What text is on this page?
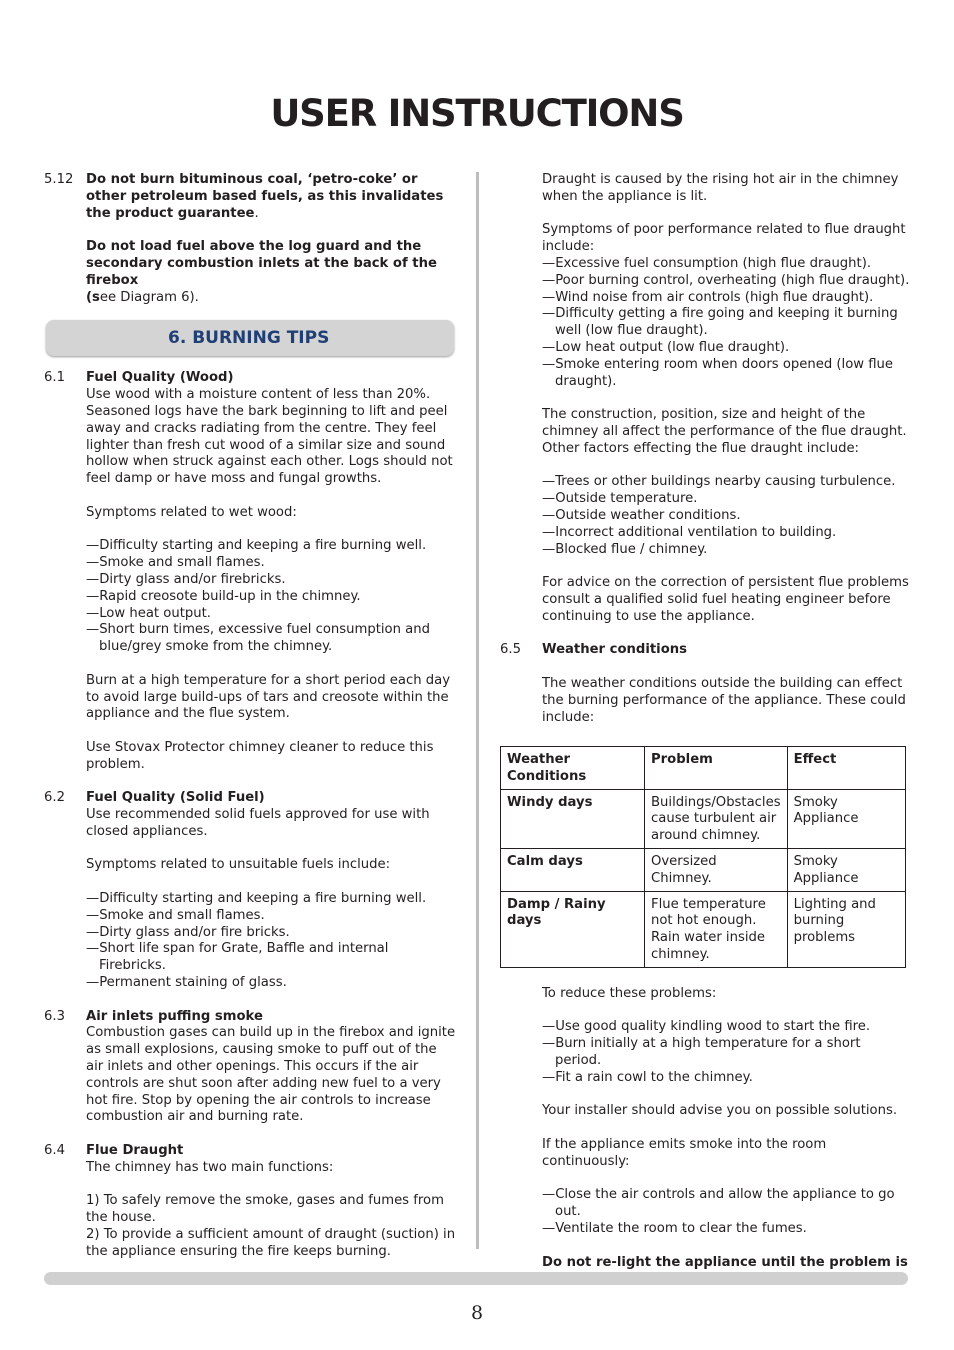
USER INSTRUCTIONS
5.12 Do not burn bituminous coal, ‘petro-coke’ or other petroleum based fuels, as this invalidates the product guarantee.

Do not load fuel above the log guard and the secondary combustion inlets at the back of the firebox
(see Diagram 6).

6. BURNING TIPS
6.1	Fuel Quality (Wood)

Use wood with a moisture content of less than 20%. Seasoned logs have the bark beginning to lift and peel away and cracks radiating from the centre. They feel lighter than fresh cut wood of a similar size and sound hollow when struck against each other. Logs should not feel damp or have moss and fungal growths.

Symptoms related to wet wood:

—Difficulty starting and keeping a fire burning well.

—Smoke and small flames.

—Dirty glass and/or firebricks.

—Rapid creosote build-up in the chimney.

—Low heat output.

—Short burn times, excessive fuel consumption and blue/grey smoke from the chimney.

Burn at a high temperature for a short period each day to avoid large build-ups of tars and creosote within the appliance and the flue system.

Use Stovax Protector chimney cleaner to reduce this problem.

6.2	Fuel Quality (Solid Fuel)

Use recommended solid fuels approved for use with closed appliances.

Symptoms related to unsuitable fuels include:

—Difficulty starting and keeping a fire burning well.

—Smoke and small flames.

—Dirty glass and/or fire bricks.

—Short life span for Grate, Baffle and internal Firebricks.

—Permanent staining of glass.

6.3	Air inlets puffing smoke

Combustion gases can build up in the firebox and ignite as small explosions, causing smoke to puff out of the air inlets and other openings. This occurs if the air controls are shut soon after adding new fuel to a very hot fire. Stop by opening the air controls to increase combustion air and burning rate.

6.4	Flue Draught

The chimney has two main functions:

1) To safely remove the smoke, gases and fumes from the house.

2) To provide a sufficient amount of draught (suction) in the appliance ensuring the fire keeps burning.

Draught is caused by the rising hot air in the chimney when the appliance is lit.

Symptoms of poor performance related to flue draught include:

—Excessive fuel consumption (high flue draught).

—Poor burning control, overheating (high flue draught).

—Wind noise from air controls (high flue draught).

—Difficulty getting a fire going and keeping it burning well (low flue draught).

—Low heat output (low flue draught).

—Smoke entering room when doors opened (low flue draught).

The construction, position, size and height of the chimney all affect the performance of the flue draught.

Other factors effecting the flue draught include:

—Trees or other buildings nearby causing turbulence.

—Outside temperature.

—Outside weather conditions.

—Incorrect additional ventilation to building.

—Blocked flue / chimney.

For advice on the correction of persistent flue problems consult a qualified solid fuel heating engineer before continuing to use the appliance.

6.5	Weather conditions

The weather conditions outside the building can effect the burning performance of the appliance. These could include:

Weather Conditions	Problem	Effect
Windy days	Buildings/Obstacles cause turbulent air around chimney.	Smoky Appliance
Calm days	Oversized Chimney.	Smoky Appliance
Damp / Rainy days	Flue temperature not hot enough. Rain water inside chimney.	Lighting and burning problems

To reduce these problems:

—Use good quality kindling wood to start the fire.

—Burn initially at a high temperature for a short period.

—Fit a rain cowl to the chimney.

Your installer should advise you on possible solutions.

If the appliance emits smoke into the room continuously:

—Close the air controls and allow the appliance to go out.

—Ventilate the room to clear the fumes.

Do not re-light the appliance until the problem is

8
